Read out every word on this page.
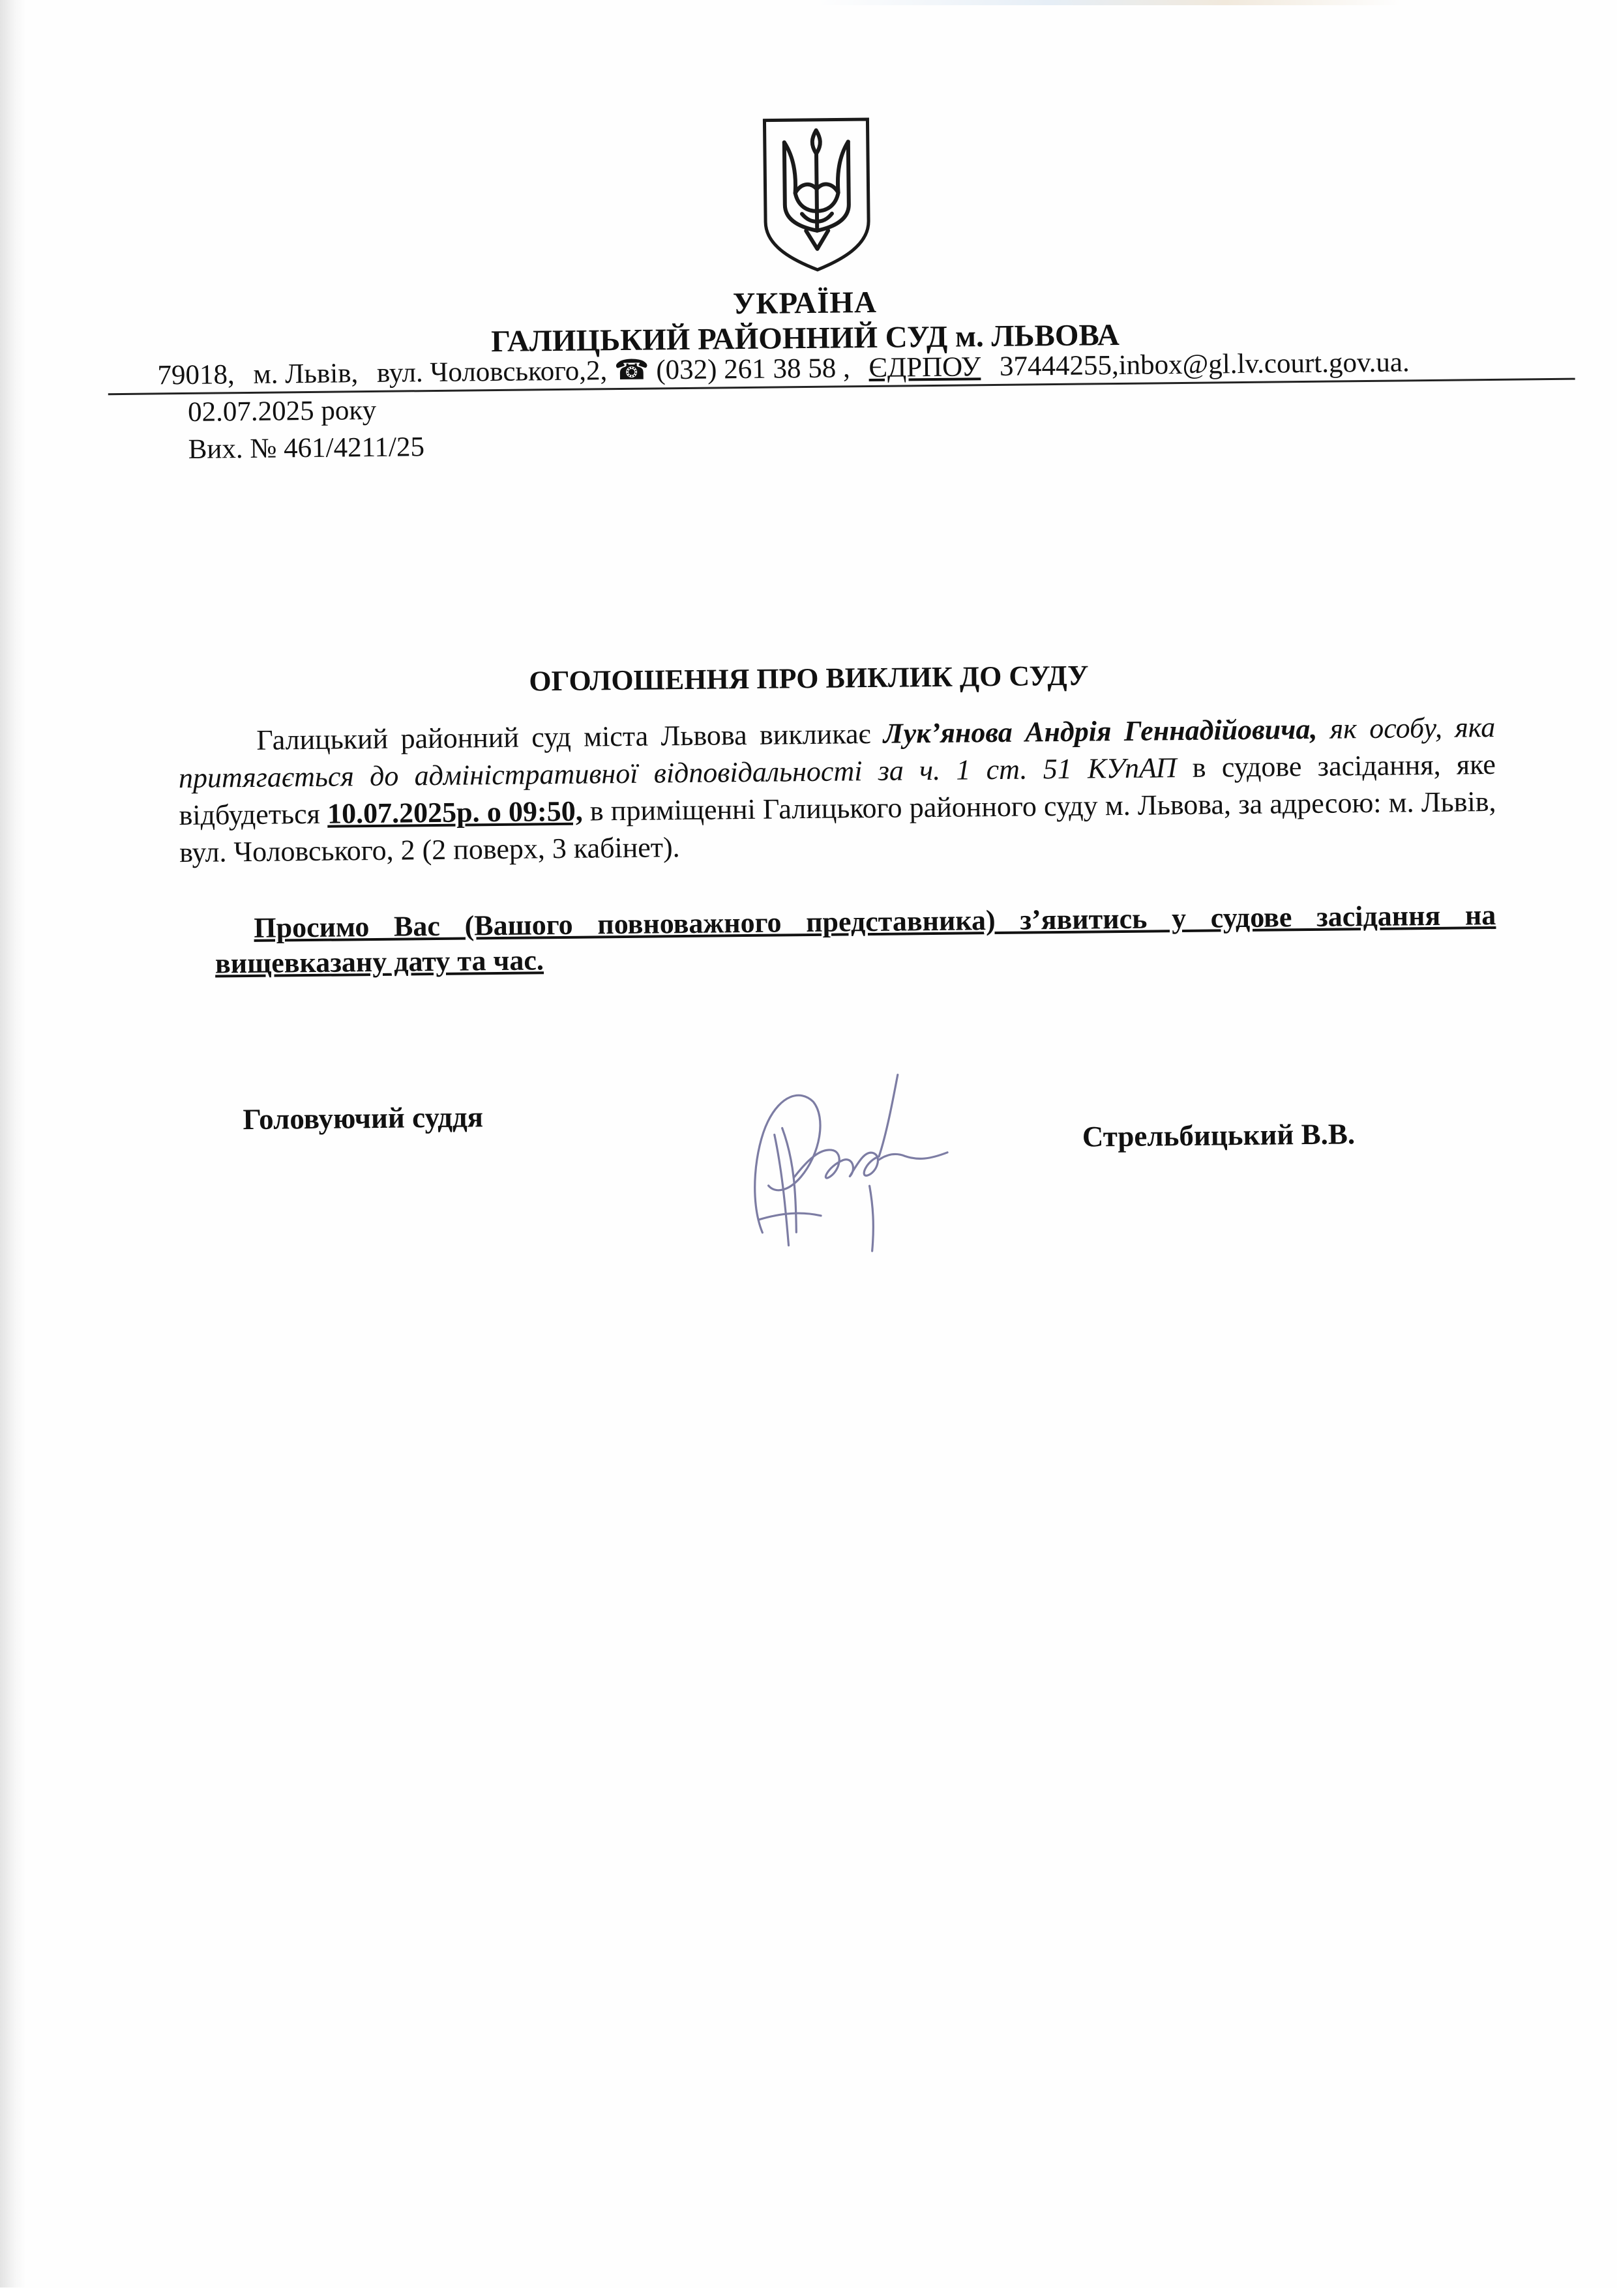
УКРАЇНА
ГАЛИЦЬКИЙ РАЙОННИЙ СУД м. ЛЬВОВА
79018, м. Львів, вул. Чоловського,2, ☎ (032) 261 38 58 , ЄДРПОУ 37444255,inbox@gl.lv.court.gov.ua.
02.07.2025 року
Вих. № 461/4211/25
ОГОЛОШЕННЯ ПРО ВИКЛИК ДО СУДУ
Галицький районний суд міста Львова викликає Лук’янова Андрія Геннадійовича, як особу, яка притягається до адміністративної відповідальності за ч. 1 ст. 51 КУпАП в судове засідання, яке відбудеться 10.07.2025р. о 09:50, в приміщенні Галицького районного суду м. Львова, за адресою: м. Львів, вул. Чоловського, 2 (2 поверх, 3 кабінет).
Просимо Вас (Вашого повноважного представника) з’явитись у судове засідання на вищевказану дату та час.
Головуючий суддя	Стрельбицький В.В.
